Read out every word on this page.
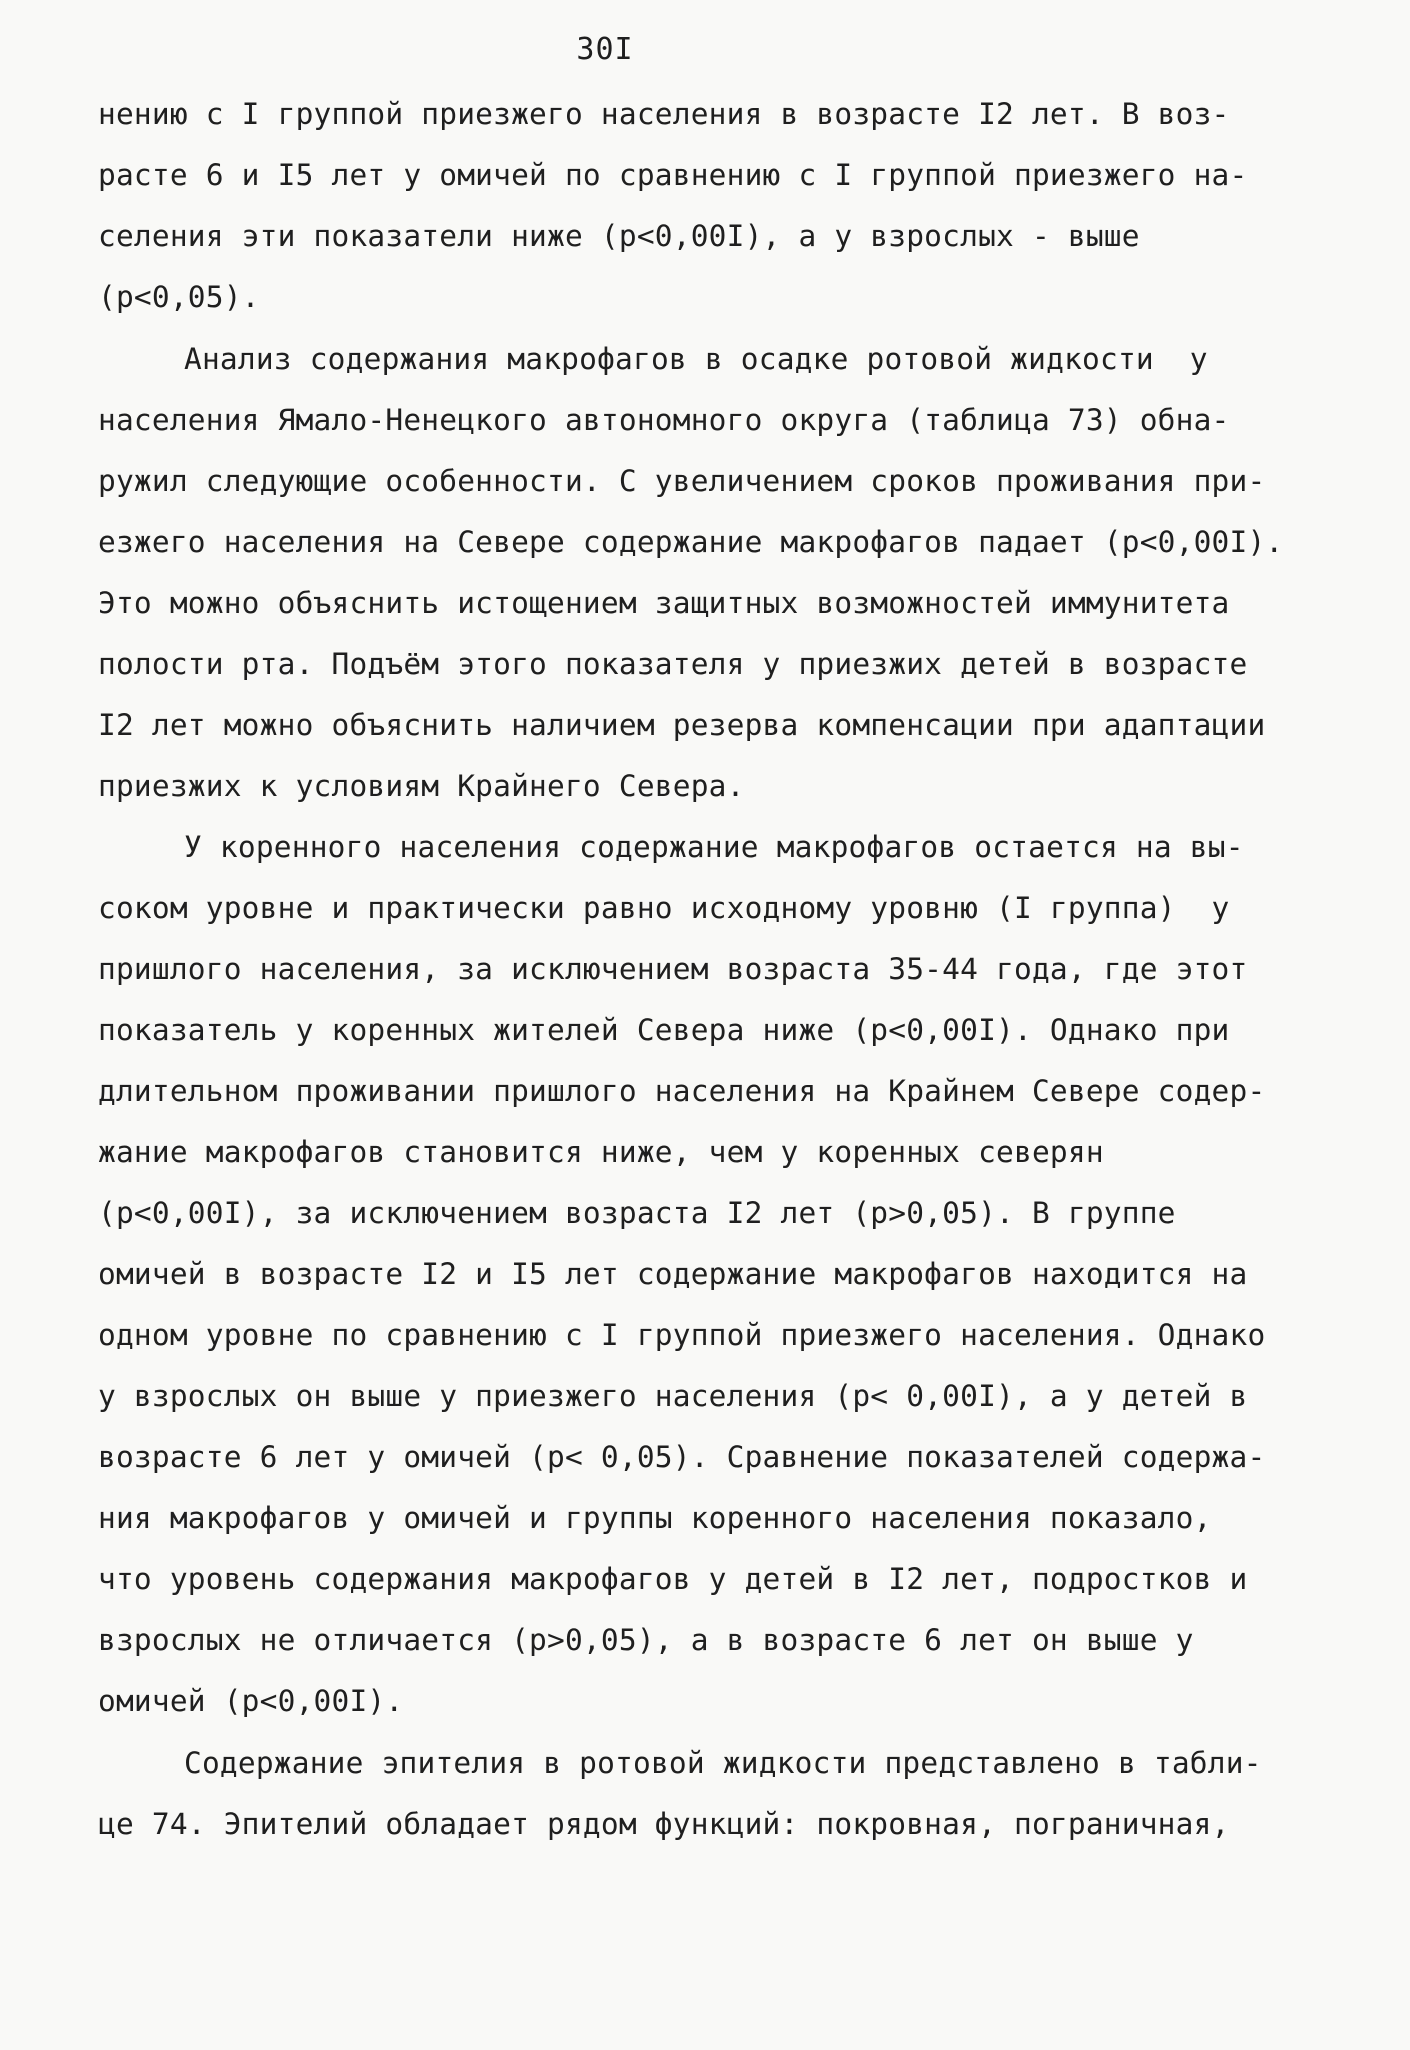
30I
нению с I группой приезжего населения в возрасте I2 лет. В воз-
расте 6 и I5 лет у омичей по сравнению с I группой приезжего на-
селения эти показатели ниже (p<0,00I), а у взрослых - выше
(p<0,05).
Анализ содержания макрофагов в осадке ротовой жидкости  у
населения Ямало-Ненецкого автономного округа (таблица 73) обна-
ружил следующие особенности. С увеличением сроков проживания при-
езжего населения на Севере содержание макрофагов падает (p<0,00I).
Это можно объяснить истощением защитных возможностей иммунитета
полости рта. Подъём этого показателя у приезжих детей в возрасте
I2 лет можно объяснить наличием резерва компенсации при адаптации
приезжих к условиям Крайнего Севера.
У коренного населения содержание макрофагов остается на вы-
соком уровне и практически равно исходному уровню (I группа)  у
пришлого населения, за исключением возраста 35-44 года, где этот
показатель у коренных жителей Севера ниже (p<0,00I). Однако при
длительном проживании пришлого населения на Крайнем Севере содер-
жание макрофагов становится ниже, чем у коренных северян
(p<0,00I), за исключением возраста I2 лет (p>0,05). В группе
омичей в возрасте I2 и I5 лет содержание макрофагов находится на
одном уровне по сравнению с I группой приезжего населения. Однако
у взрослых он выше у приезжего населения (p< 0,00I), а у детей в
возрасте 6 лет у омичей (p< 0,05). Сравнение показателей содержа-
ния макрофагов у омичей и группы коренного населения показало,
что уровень содержания макрофагов у детей в I2 лет, подростков и
взрослых не отличается (p>0,05), а в возрасте 6 лет он выше у
омичей (p<0,00I).
Содержание эпителия в ротовой жидкости представлено в табли-
це 74. Эпителий обладает рядом функций: покровная, пограничная,
